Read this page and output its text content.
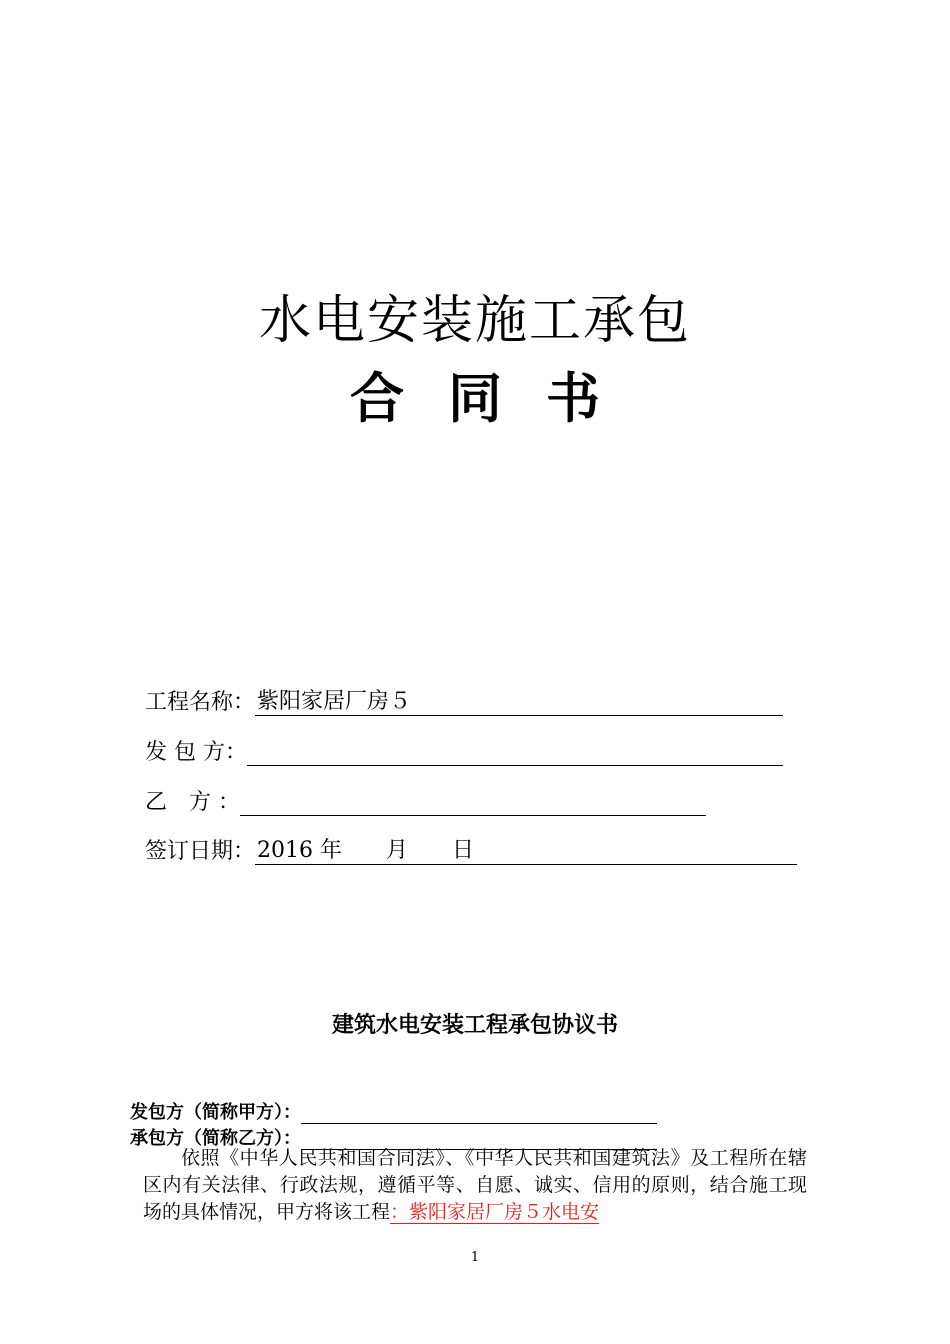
水电安装施工承包
合 同 书
工程名称：紫阳家居厂房５
发 包 方：
乙　方 ：
签订日期：2016 年　　月　　日
建筑水电安装工程承包协议书
发包方（简称甲方）：
承包方（简称乙方）：

依照《中华人民共和国合同法》、《中华人民共和国建筑法》及工程所在辖区内有关法律、行政法规，遵循平等、自愿、诚实、信用的原则，结合施工现场的具体情况，甲方将该工程：紫阳家居厂房５水电安

1
